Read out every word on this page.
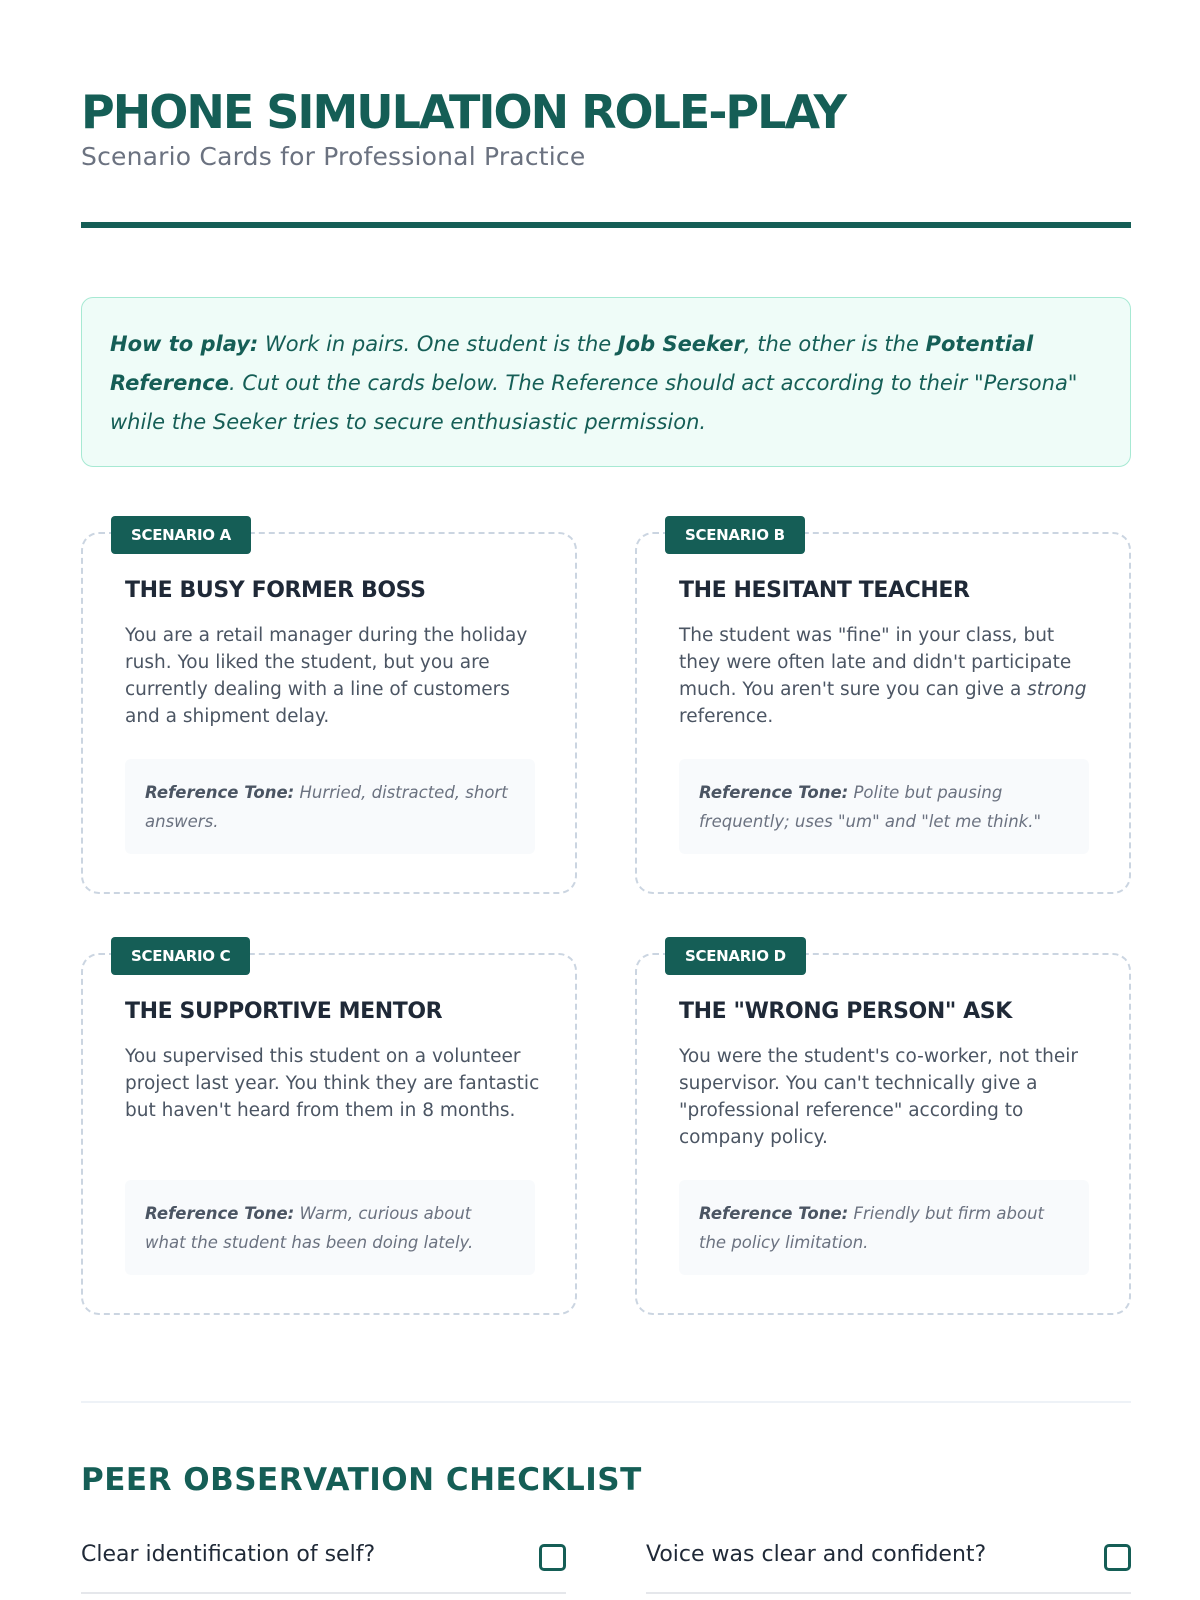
PHONE SIMULATION ROLE-PLAY
Scenario Cards for Professional Practice

How to play: Work in pairs. One student is the Job Seeker, the other is the Potential Reference. Cut out the cards below. The Reference should act according to their "Persona" while the Seeker tries to secure enthusiastic permission.

SCENARIO A
THE BUSY FORMER BOSS
You are a retail manager during the holiday rush. You liked the student, but you are currently dealing with a line of customers and a shipment delay.

Reference Tone: Hurried, distracted, short answers.

SCENARIO B
THE HESITANT TEACHER
The student was "fine" in your class, but they were often late and didn't participate much. You aren't sure you can give a strong reference.

Reference Tone: Polite but pausing frequently; uses "um" and "let me think."

SCENARIO C
THE SUPPORTIVE MENTOR
You supervised this student on a volunteer project last year. You think they are fantastic but haven't heard from them in 8 months.

Reference Tone: Warm, curious about what the student has been doing lately.

SCENARIO D
THE "WRONG PERSON" ASK
You were the student's co-worker, not their supervisor. You can't technically give a "professional reference" according to company policy.

Reference Tone: Friendly but firm about the policy limitation.

PEER OBSERVATION CHECKLIST
Clear identification of self?	Voice was clear and confident?
